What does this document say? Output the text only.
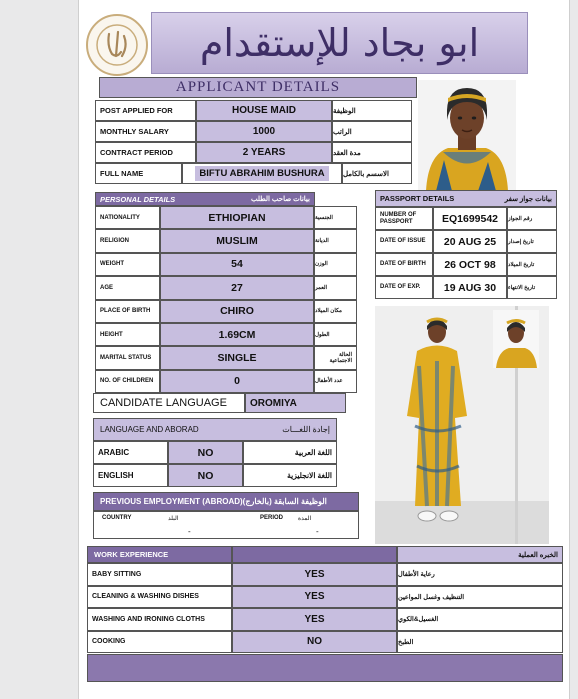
ابو بجاد للإستقدام
APPLICANT DETAILS
POST APPLIED FOR	HOUSE MAID	الوظيفة
MONTHLY SALARY	1000	الراتب
CONTRACT PERIOD	2 YEARS	مدة العقد
FULL NAME	BIFTU ABRAHIM BUSHURA	الاسسم بالكامل
PERSONAL DETAILS	بيانات صاحب الطلب
NATIONALITY	ETHIOPIAN	الجنسية
RELIGION	MUSLIM	الديانة
WEIGHT	54	الوزن
AGE	27	العمر
PLACE OF BIRTH	CHIRO	مكان الميلاد
HEIGHT	1.69CM	الطول
MARITAL STATUS	SINGLE	الحالة الاجتماعية
NO. OF CHILDREN	0	عدد الأطفال
PASSPORT DETAILS	بيانات جواز سفر
NUMBER OF PASSPORT	EQ1699542	رقم الجواز
DATE OF ISSUE	20 AUG 25	تاريخ إصدار
DATE OF BIRTH	26 OCT 98	تاريخ الميلاد
DATE OF EXP.	19 AUG 30	تاريخ الانتهاء
CANDIDATE LANGUAGE OROMIYA
LANGUAGE AND ABORAD	إجادة اللغـــات
ARABIC	NO	اللغة العربية
ENGLISH	NO	اللغة الانجليزية
PREVIOUS EMPLOYMENT (ABROAD)(الوظيفة السابقة (بالخارج
COUNTRY	البلد	PERIOD المدة
-	-
WORK EXPERIENCE	الخبره العملية
BABY SITTING	YES	رعاية الأطفال
CLEANING & WASHING DISHES	YES	التنظيف وغسل المواعين
WASHING AND IRONING CLOTHS	YES	الغسيل&الكوي
COOKING	NO	الطبخ
